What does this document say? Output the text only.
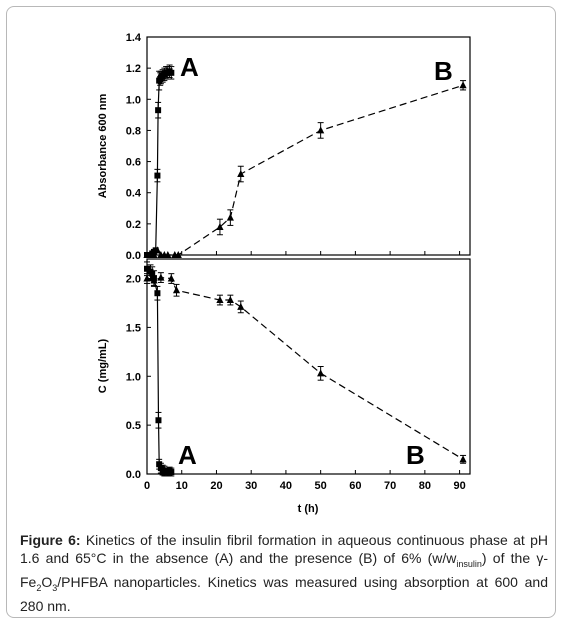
0.0
0.2
0.4
0.6
0.8
1.0
1.2
1.4
Absorbance 600 nm
A	B
0.0
0.5
1.0
1.5
2.0
0 10 20 30 40 50 60 70 80 90
C (mg/mL)
t (h)
A	B
Figure 6: Kinetics of the insulin fibril formation in aqueous continuous phase at pH 1.6 and 65°C in the absence (A) and the presence (B) of 6% $(w/w_{insulin})$ of the $\gamma-Fe_2O_3$/PHFBA nanoparticles. Kinetics was measured using absorption at 600 and 280 nm.
